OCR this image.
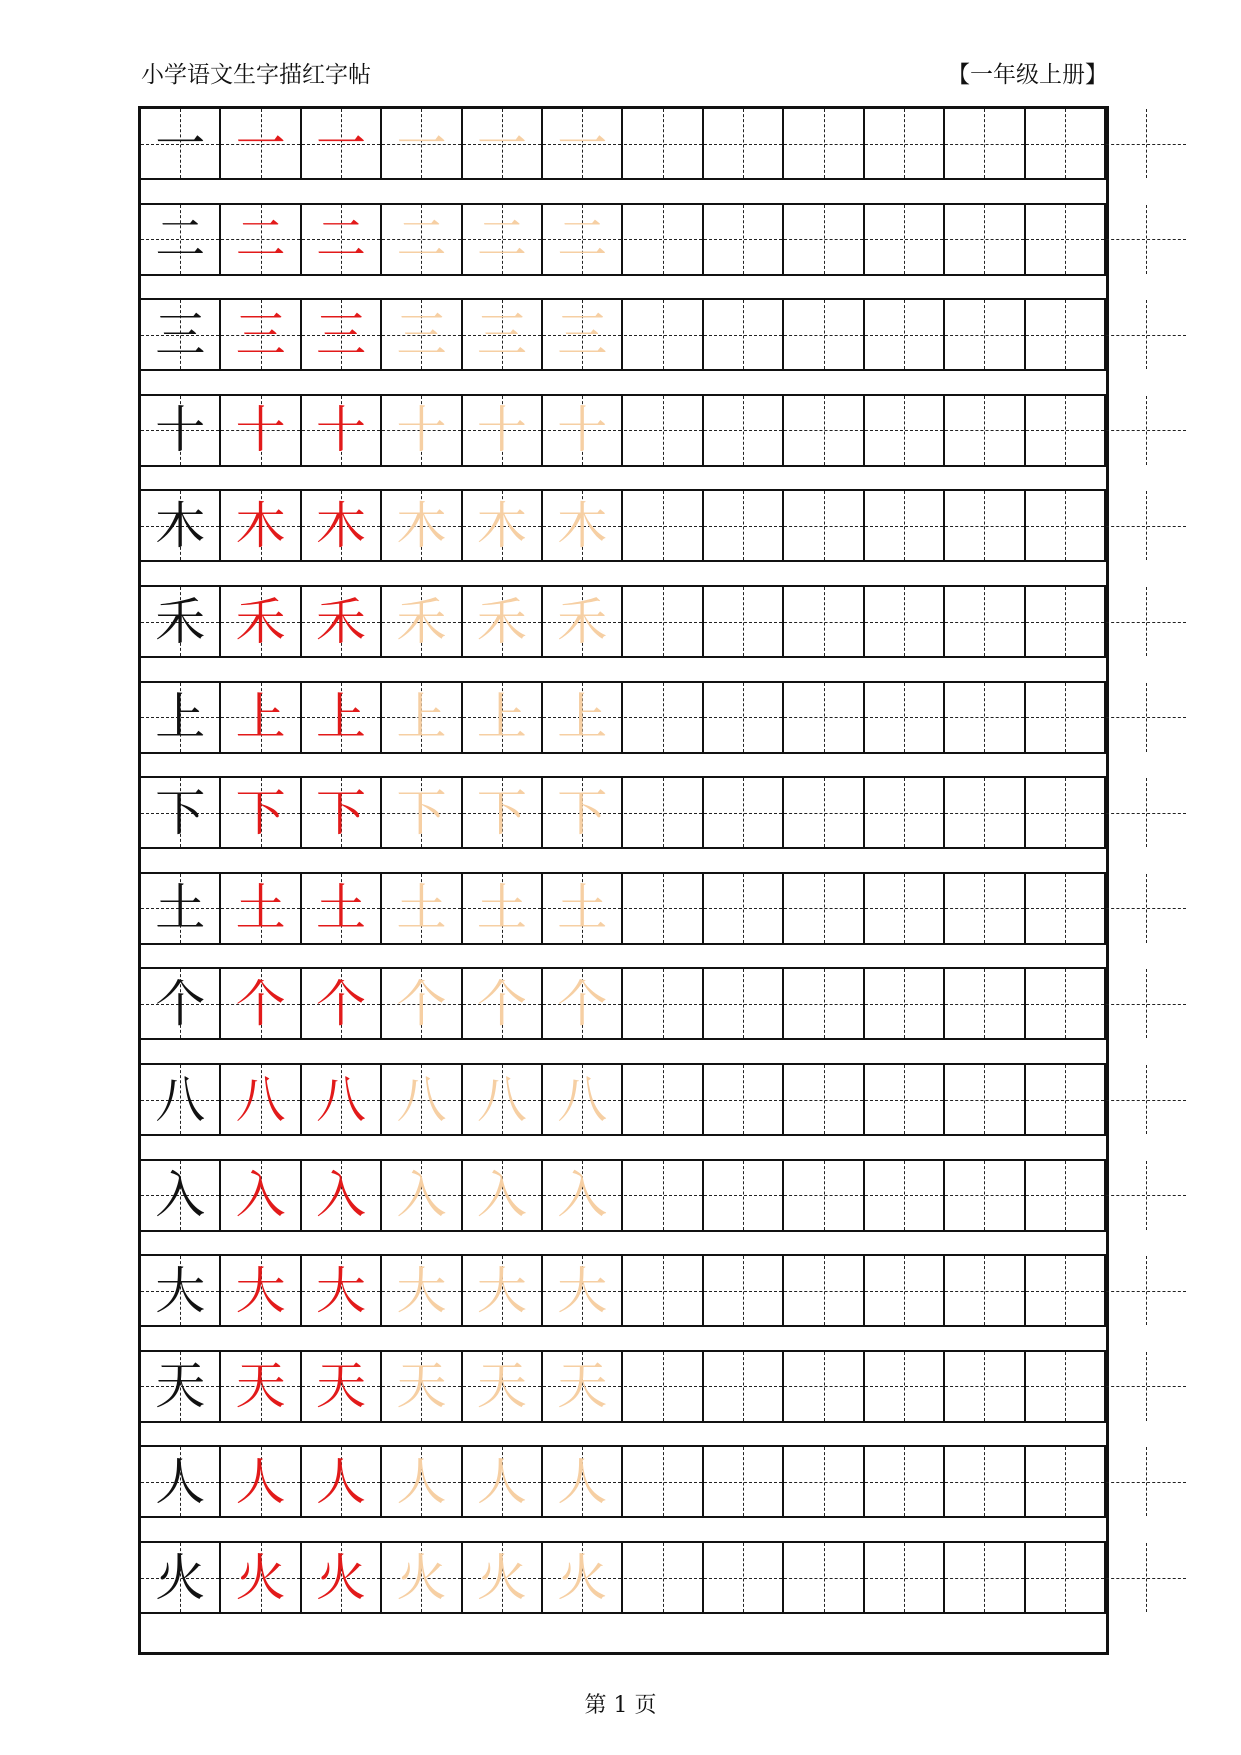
小学语文生字描红字帖	【一年级上册】
一 一 一 一 一 一
二 二 二 二 二 二
三 三 三 三 三 三
十 十 十 十 十 十
木 木 木 木 木 木
禾 禾 禾 禾 禾 禾
上 上 上 上 上 上
下 下 下 下 下 下
土 土 土 土 土 土
个 个 个 个 个 个
八 八 八 八 八 八
入 入 入 入 入 入
大 大 大 大 大 大
天 天 天 天 天 天
人 人 人 人 人 人
火 火 火 火 火 火
第 1 页
